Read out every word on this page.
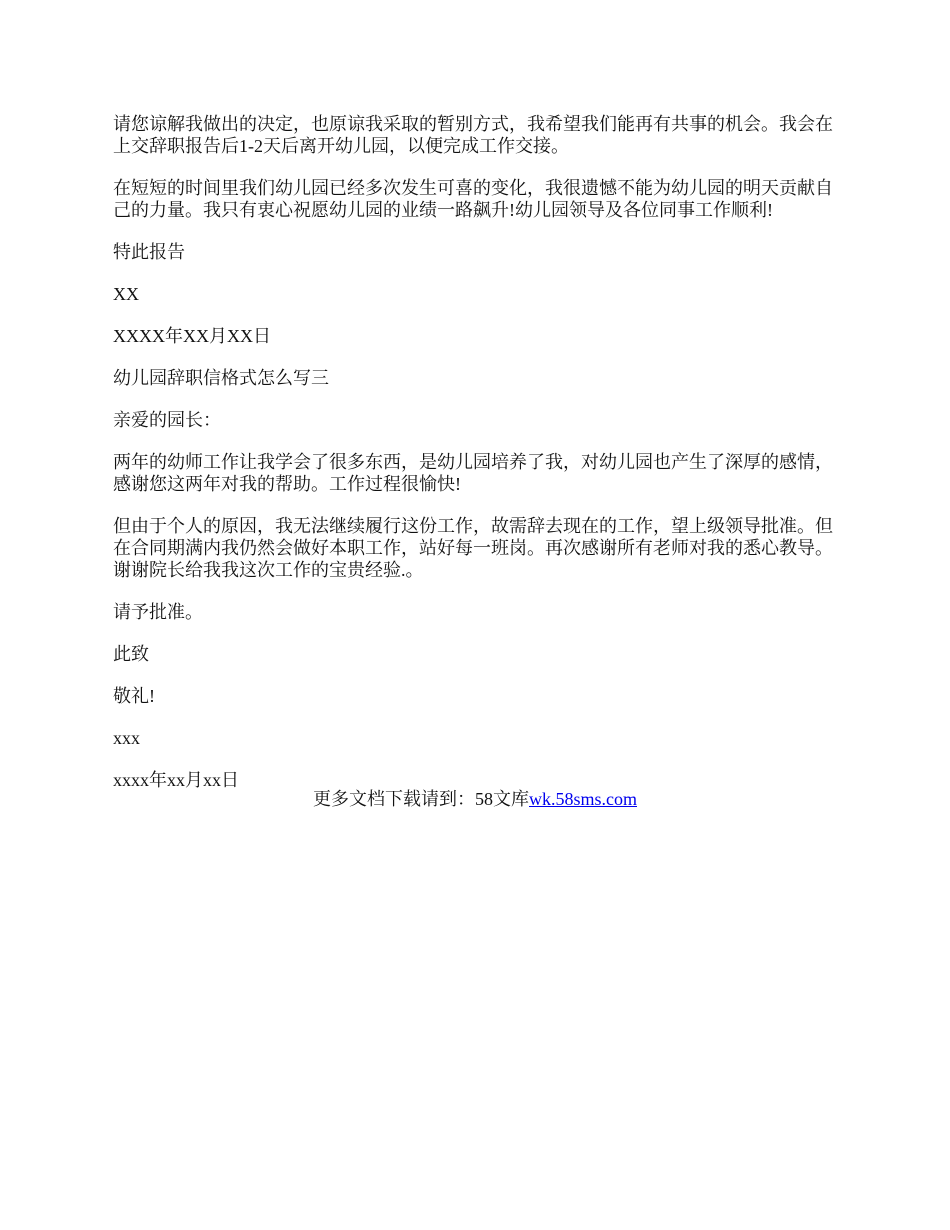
请您谅解我做出的决定，也原谅我采取的暂别方式，我希望我们能再有共事的机会。我会在上交辞职报告后1-2天后离开幼儿园，以便完成工作交接。

在短短的时间里我们幼儿园已经多次发生可喜的变化，我很遗憾不能为幼儿园的明天贡献自己的力量。我只有衷心祝愿幼儿园的业绩一路飙升!幼儿园领导及各位同事工作顺利!

特此报告

XX

XXXX年XX月XX日

幼儿园辞职信格式怎么写三

亲爱的园长：

两年的幼师工作让我学会了很多东西，是幼儿园培养了我，对幼儿园也产生了深厚的感情，感谢您这两年对我的帮助。工作过程很愉快!

但由于个人的原因，我无法继续履行这份工作，故需辞去现在的工作，望上级领导批准。但在合同期满内我仍然会做好本职工作，站好每一班岗。再次感谢所有老师对我的悉心教导。谢谢院长给我我这次工作的宝贵经验.。

请予批准。

此致

敬礼!

xxx

xxxx年xx月xx日

更多文档下载请到：58文库wk.58sms.com
